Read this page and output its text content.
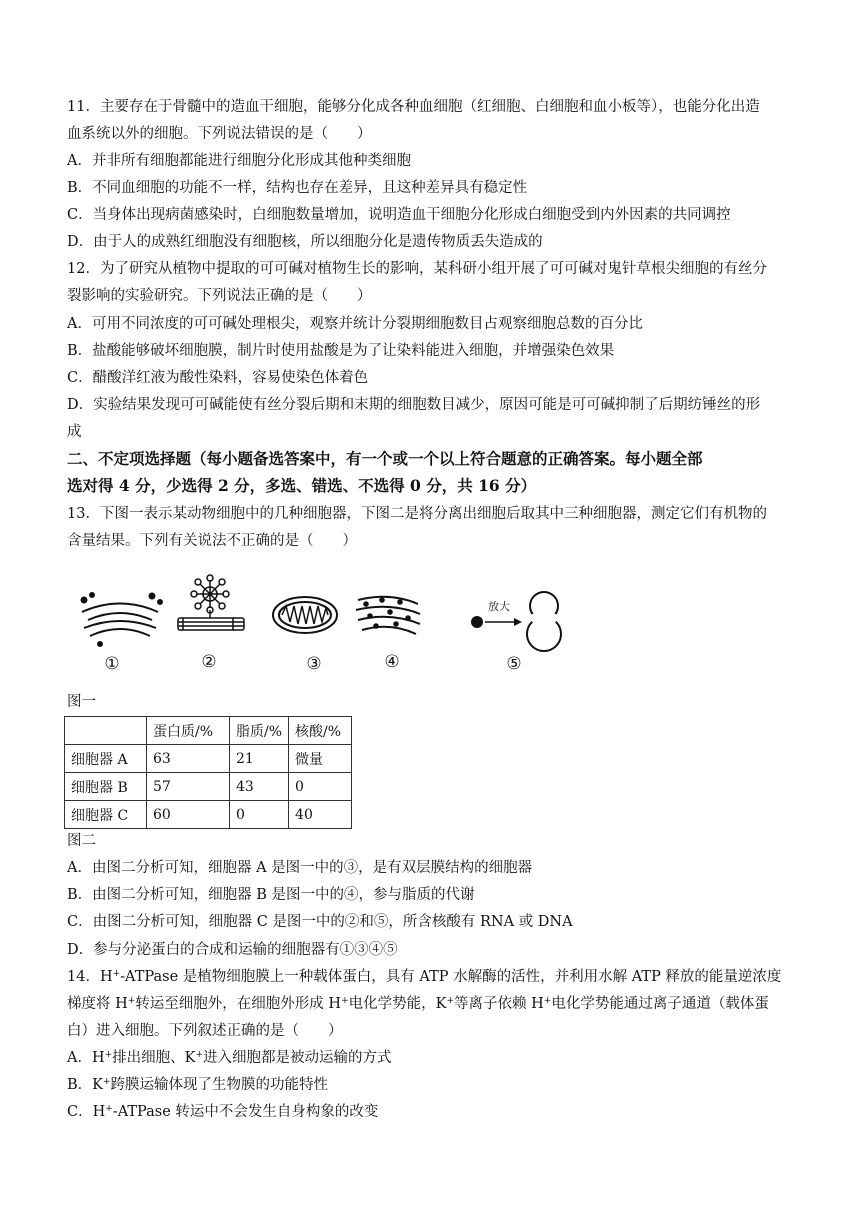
11．主要存在于骨髓中的造血干细胞，能够分化成各种血细胞（红细胞、白细胞和血小板等），也能分化出造
血系统以外的细胞。下列说法错误的是（　　）
A．并非所有细胞都能进行细胞分化形成其他种类细胞
B．不同血细胞的功能不一样，结构也存在差异，且这种差异具有稳定性
C．当身体出现病菌感染时，白细胞数量增加，说明造血干细胞分化形成白细胞受到内外因素的共同调控
D．由于人的成熟红细胞没有细胞核，所以细胞分化是遗传物质丢失造成的
12．为了研究从植物中提取的可可碱对植物生长的影响，某科研小组开展了可可碱对鬼针草根尖细胞的有丝分
裂影响的实验研究。下列说法正确的是（　　）
A．可用不同浓度的可可碱处理根尖，观察并统计分裂期细胞数目占观察细胞总数的百分比
B．盐酸能够破坏细胞膜，制片时使用盐酸是为了让染料能进入细胞，并增强染色效果
C．醋酸洋红液为酸性染料，容易使染色体着色
D．实验结果发现可可碱能使有丝分裂后期和末期的细胞数目减少，原因可能是可可碱抑制了后期纺锤丝的形
成
二、不定项选择题（每小题备选答案中，有一个或一个以上符合题意的正确答案。每小题全部
选对得 4 分，少选得 2 分，多选、错选、不选得 0 分，共 16 分）
13．下图一表示某动物细胞中的几种细胞器，下图二是将分离出细胞后取其中三种细胞器，测定它们有机物的
含量结果。下列有关说法不正确的是（　　）
放大
①	②	③	④	⑤
图一
	蛋白质/%	脂质/%	核酸/%
细胞器 A	63	21	微量
细胞器 B	57	43	0
细胞器 C	60	0	40
图二
A．由图二分析可知，细胞器 A 是图一中的③，是有双层膜结构的细胞器
B．由图二分析可知，细胞器 B 是图一中的④，参与脂质的代谢
C．由图二分析可知，细胞器 C 是图一中的②和⑤，所含核酸有 RNA 或 DNA
D．参与分泌蛋白的合成和运输的细胞器有①③④⑤
14．H+-ATPase 是植物细胞膜上一种载体蛋白，具有 ATP 水解酶的活性，并利用水解 ATP 释放的能量逆浓度
梯度将 H+转运至细胞外，在细胞外形成 H+电化学势能，K+等离子依赖 H+电化学势能通过离子通道（载体蛋
白）进入细胞。下列叙述正确的是（　　）
A．H+排出细胞、K+进入细胞都是被动运输的方式
B．K+跨膜运输体现了生物膜的功能特性
C．H+-ATPase 转运中不会发生自身构象的改变
